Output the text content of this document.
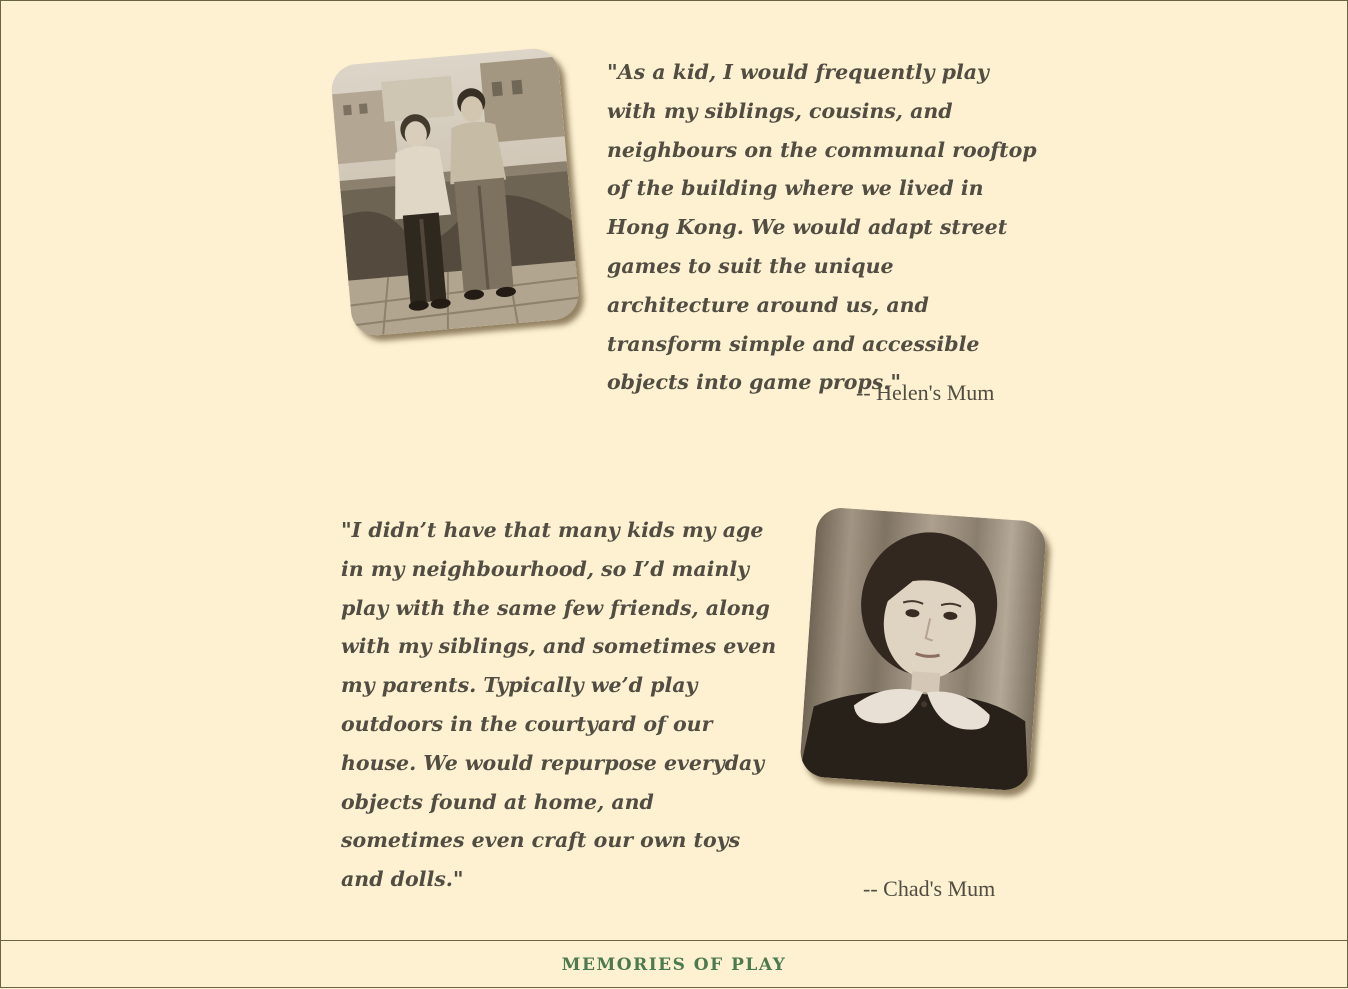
"As a kid, I would frequently play with my siblings, cousins, and neighbours on the communal rooftop of the building where we lived in Hong Kong. We would adapt street games to suit the unique architecture around us, and transform simple and accessible objects into game props."

-- Helen's Mum

"I didn’t have that many kids my age in my neighbourhood, so I’d mainly play with the same few friends, along with my siblings, and sometimes even my parents. Typically we’d play outdoors in the courtyard of our house. We would repurpose everyday objects found at home, and sometimes even craft our own toys and dolls."	-- Chad's Mum
MEMORIES OF PLAY
